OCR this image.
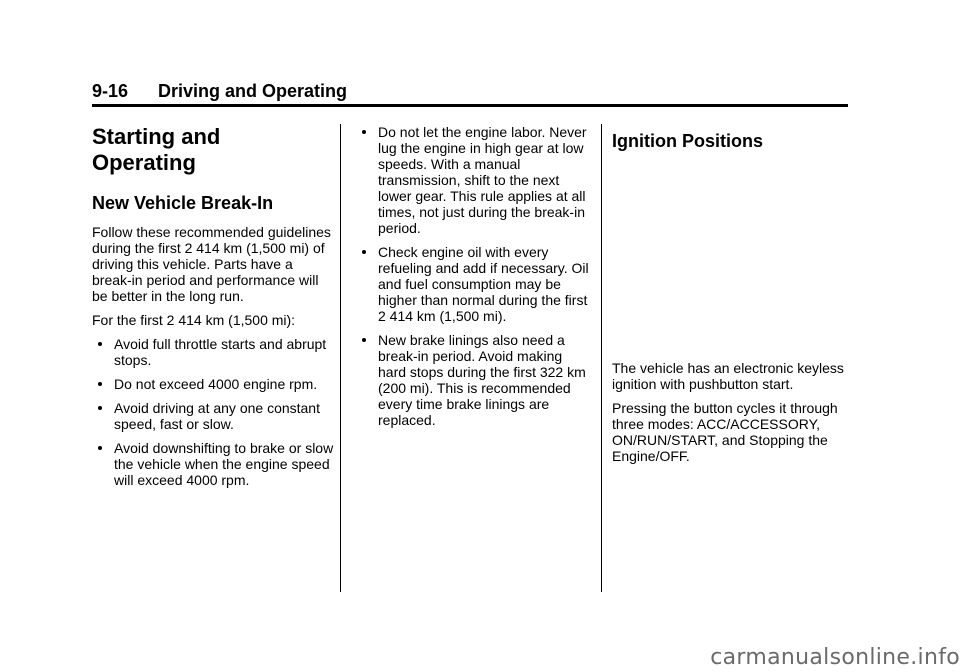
9-16 Driving and Operating
Starting and
Operating
New Vehicle Break-In

Follow these recommended guidelines during the first 2 414 km (1,500 mi) of driving this vehicle. Parts have a break-in period and performance will be better in the long run.

For the first 2 414 km (1,500 mi):

Avoid full throttle starts and abrupt stops.
Do not exceed 4000 engine rpm.
Avoid driving at any one constant speed, fast or slow.
Avoid downshifting to brake or slow the vehicle when the engine speed will exceed 4000 rpm.
Do not let the engine labor. Never lug the engine in high gear at low speeds. With a manual transmission, shift to the next lower gear. This rule applies at all times, not just during the break-in period.
Check engine oil with every refueling and add if necessary. Oil and fuel consumption may be higher than normal during the first 2 414 km (1,500 mi).
New brake linings also need a break-in period. Avoid making hard stops during the first 322 km (200 mi). This is recommended every time brake linings are replaced.
Ignition Positions

The vehicle has an electronic keyless ignition with pushbutton start.

Pressing the button cycles it through three modes: ACC/ACCESSORY, ON/RUN/START, and Stopping the Engine/OFF.

carmanualsonline.info
